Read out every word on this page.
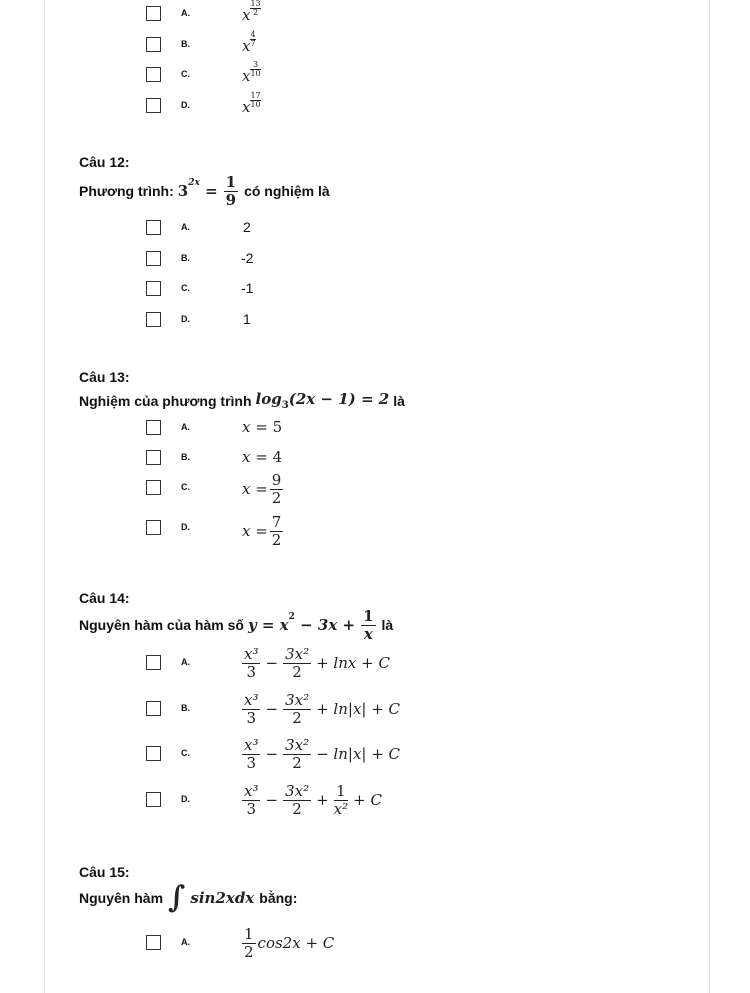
A.	x $\frac{13}{2}$
B.	x $\frac{4}{7}$
C.	x $\frac{3}{10}$
D.	x $\frac{17}{10}$
Câu 12:
Phương trình: $3^{2x} = \frac{1}{9}$ có nghiệm là
A.	2
B.	-2
C.	-1
D.	1
Câu 13:
Nghiệm của phương trình $\log_3(2x - 1) = 2$ là
A.	x = 5
B.	x = 4
C.	$x = \frac{9}{2}$
D.	$x = \frac{7}{2}$
Câu 14:
Nguyên hàm của hàm số $y = x^2 - 3x + \frac{1}{x}$ là
A.	$\frac{\text{x³}}{3} - \frac{\text{3x²}}{2} + \ln x + C$
B.	$\frac{\text{x³}}{3} - \frac{\text{3x²}}{2} + \ln|x| + C$
C.	$\frac{\text{x³}}{3} - \frac{\text{3x²}}{2} - \ln|x| + C$
D.	$\frac{\text{x³}}{3} - \frac{\text{3x²}}{2} + \frac{1}{\text{x²}} + C$
Câu 15:
Nguyên hàm ∫ sin2xdx bằng:
A.	$\frac{1}{2} \cos 2x + C$
